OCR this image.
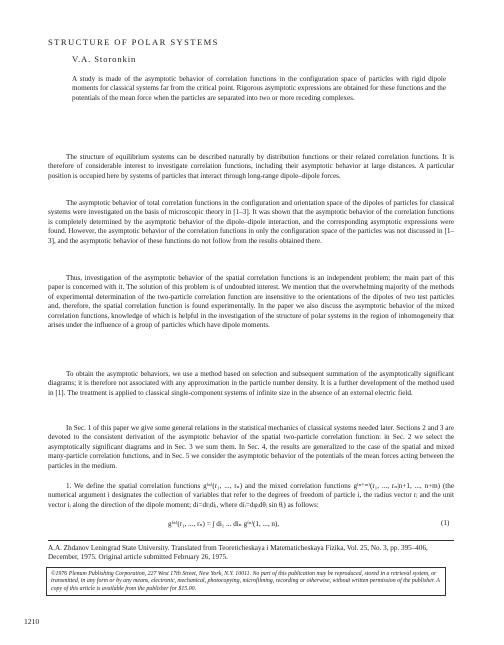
STRUCTURE OF POLAR SYSTEMS
V.A. Storonkin

A study is made of the asymptotic behavior of correlation functions in the configuration space of particles with rigid dipole moments for classical systems far from the critical point. Rigorous asymptotic expressions are obtained for these functions and the potentials of the mean force when the particles are separated into two or more receding complexes.

The structure of equilibrium systems can be described naturally by distribution functions or their related correlation functions. It is therefore of considerable interest to investigate correlation functions, including their asymptotic behavior at large distances. A particular position is occupied here by systems of particles that interact through long-range dipole–dipole forces.

The asymptotic behavior of total correlation functions in the configuration and orientation space of the dipoles of particles for classical systems were investigated on the basis of microscopic theory in [1–3]. It was shown that the asymptotic behavior of the correlation functions is completely determined by the asymptotic behavior of the dipole–dipole interaction, and the corresponding asymptotic expressions were found. However, the asymptotic behavior of the correlation functions in only the configuration space of the particles was not discussed in [1–3], and the asymptotic behavior of these functions do not follow from the results obtained there.

Thus, investigation of the asymptotic behavior of the spatial correlation functions is an independent problem; the main part of this paper is concerned with it. The solution of this problem is of undoubted interest. We mention that the overwhelming majority of the methods of experimental determination of the two-particle correlation function are insensitive to the orientations of the dipoles of two test particles and, therefore, the spatial correlation function is found experimentally. In the paper we also discuss the asymptotic behavior of the mixed correlation functions, knowledge of which is helpful in the investigation of the structure of polar systems in the region of inhomogeneity that arises under the influence of a group of particles which have dipole moments.

To obtain the asymptotic behaviors, we use a method based on selection and subsequent summation of the asymptotically significant diagrams; it is therefore not associated with any approximation in the particle number density. It is a further development of the method used in [1]. The treatment is applied to classical single-component systems of infinite size in the absence of an external electric field.

In Sec. 1 of this paper we give some general relations in the statistical mechanics of classical systems needed later. Sections 2 and 3 are devoted to the consistent derivation of the asymptotic behavior of the spatial two-particle correlation function: in Sec. 2 we select the asymptotically significant diagrams and in Sec. 3 we sum them. In Sec. 4, the results are generalized to the case of the spatial and mixed many-particle correlation functions, and in Sec. 5 we consider the asymptotic behavior of the potentials of the mean forces acting between the particles in the medium.

1. We define the spatial correlation functions g⁽ⁿ⁾(r₁, ..., rₙ) and the mixed correlation functions g⁽ⁿ⁺ᵐ⁾(r₁, ..., rₙ|n+1, ..., n+m) (the numerical argument i designates the collection of variables that refer to the degrees of freedom of particle i, the radius vector rᵢ and the unit vector iᵢ along the direction of the dipole moment; di=drᵢdiᵢ, where diᵢ=dφᵢdθᵢ sin θᵢ) as follows:

g⁽ⁿ⁾(r₁, ..., rₙ) = ∫ di₁ ... diₙ g⁽ⁿ⁾(1, ..., n),	(1)

A.A. Zhdanov Leningrad State University. Translated from Teoreticheskaya i Matematicheskaya Fizika, Vol. 25, No. 3, pp. 395–406, December, 1975. Original article submitted February 26, 1975.

©1976 Plenum Publishing Corporation, 227 West 17th Street, New York, N.Y. 10011. No part of this publication may be reproduced, stored in a retrieval system, or transmitted, in any form or by any means, electronic, mechanical, photocopying, microfilming, recording or otherwise, without written permission of the publisher. A copy of this article is available from the publisher for $15.00.

1210
